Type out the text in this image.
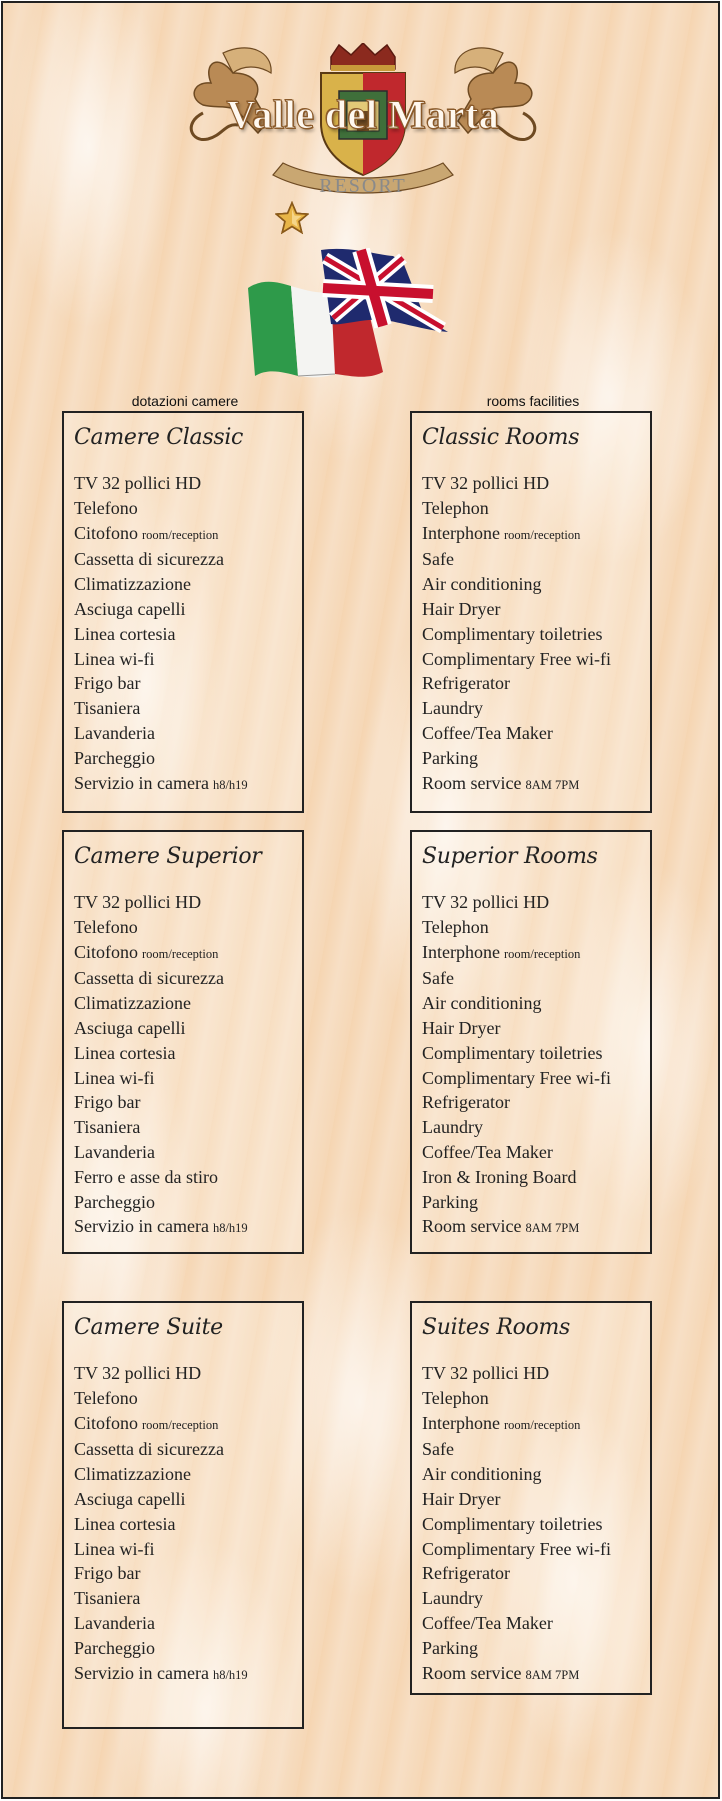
Valle del Marta
RESORT
dotazioni camere	rooms facilities
Camere Classic
TV 32 pollici HD
Telefono
Citofono room/reception
Cassetta di sicurezza
Climatizzazione
Asciuga capelli
Linea cortesia
Linea wi-fi
Frigo bar
Tisaniera
Lavanderia
Parcheggio
Servizio in camera h8/h19
Classic Rooms
TV 32 pollici HD
Telephon
Interphone room/reception
Safe
Air conditioning
Hair Dryer
Complimentary toiletries
Complimentary Free wi-fi
Refrigerator
Laundry
Coffee/Tea Maker
Parking
Room service 8AM 7PM
Camere Superior
TV 32 pollici HD
Telefono
Citofono room/reception
Cassetta di sicurezza
Climatizzazione
Asciuga capelli
Linea cortesia
Linea wi-fi
Frigo bar
Tisaniera
Lavanderia
Ferro e asse da stiro
Parcheggio
Servizio in camera h8/h19
Superior Rooms
TV 32 pollici HD
Telephon
Interphone room/reception
Safe
Air conditioning
Hair Dryer
Complimentary toiletries
Complimentary Free wi-fi
Refrigerator
Laundry
Coffee/Tea Maker
Iron & Ironing Board
Parking
Room service 8AM 7PM
Camere Suite
TV 32 pollici HD
Telefono
Citofono room/reception
Cassetta di sicurezza
Climatizzazione
Asciuga capelli
Linea cortesia
Linea wi-fi
Frigo bar
Tisaniera
Lavanderia
Parcheggio
Servizio in camera h8/h19
Suites Rooms
TV 32 pollici HD
Telephon
Interphone room/reception
Safe
Air conditioning
Hair Dryer
Complimentary toiletries
Complimentary Free wi-fi
Refrigerator
Laundry
Coffee/Tea Maker
Parking
Room service 8AM 7PM
